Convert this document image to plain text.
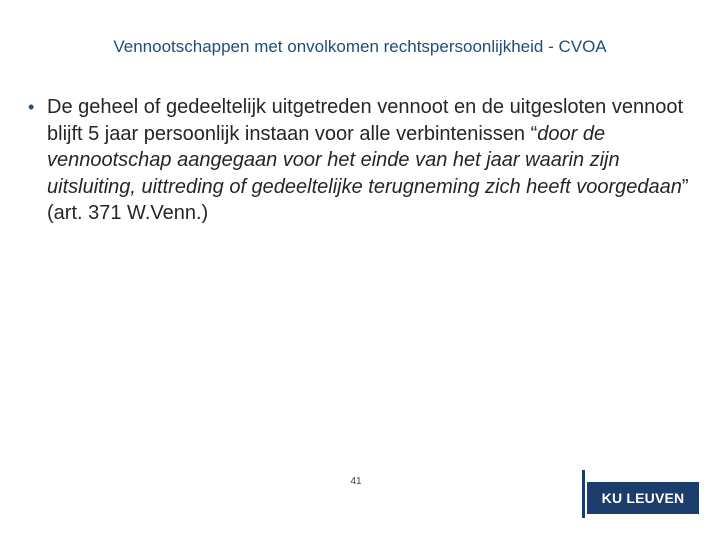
Vennootschappen met onvolkomen rechtspersoonlijkheid - CVOA
• De geheel of gedeeltelijk uitgetreden vennoot en de uitgesloten vennoot blijft 5 jaar persoonlijk instaan voor alle verbintenissen “door de vennootschap aangegaan voor het einde van het jaar waarin zijn uitsluiting, uittreding of gedeeltelijke terugneming zich heeft voorgedaan” (art. 371 W.Venn.)
41
KU LEUVEN
